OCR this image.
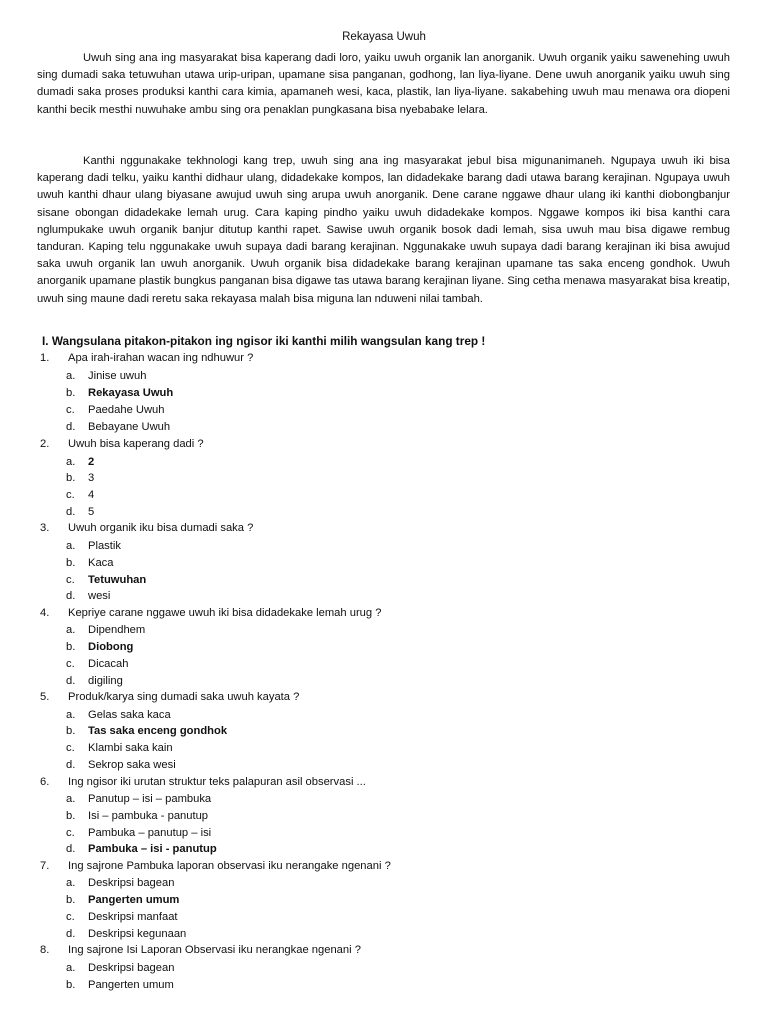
Rekayasa Uwuh

Uwuh sing ana ing masyarakat bisa kaperang dadi loro, yaiku uwuh organik lan anorganik. Uwuh organik yaiku saweneh​ing uwuh sing dumadi saka tetuwuhan utawa urip-uripan, upamane sisa panganan, godhong, lan liya-liyane. Dene uwuh anorganik yaiku uwuh sing dumadi saka proses produksi kanthi cara kimia, apamaneh wesi, kaca, plastik, lan liya-liyane. sakabehing uwuh mau menawa ora diopeni kanthi becik mesthi nuwuhake ambu sing ora penaklan pungkasana bisa nyebabake lelara.

Kanthi nggunakake tekhnologi kang trep, uwuh sing ana ing masyarakat jebul bisa migunanimaneh. Ngupaya uwuh iki bisa kaperang dadi telku, yaiku kanthi didhaur ulang, didadekake kompos, lan didadekake barang dadi utawa barang kerajinan. Ngupaya uwuh uwuh kanthi dhaur ulang biyasane awujud uwuh sing arupa uwuh anorganik. Dene carane nggawe dhaur ulang iki kanthi diobongbanjur sisane obongan didadekake lemah urug. Cara kaping pindho yaiku uwuh didadekake kompos. Nggawe kompos iki bisa kanthi cara nglumpukake uwuh organik banjur ditutup kanthi rapet. Sawise uwuh organik bosok dadi lemah, sisa uwuh mau bisa digawe rembug tanduran. Kaping telu nggunakake uwuh supaya dadi barang kerajinan. Nggunakake uwuh supaya dadi barang kerajinan iki bisa awujud saka uwuh organik lan uwuh anorganik. Uwuh organik bisa didadekake barang kerajinan upamane tas saka enceng gondhok. Uwuh anorganik upamane plastik bungkus panganan bisa digawe tas utawa barang kerajinan liyane. Sing cetha menawa masyarakat bisa kreatip, uwuh sing maune dadi reretu saka rekayasa malah bisa miguna lan nduweni nilai tambah.

I. Wangsulana pitakon-pitakon ing ngisor iki kanthi milih wangsulan kang trep !
1. Apa irah-irahan wacan ing ndhuwur ?
a. Jinise uwuh
b. Rekayasa Uwuh
c. Paedahe Uwuh
d. Bebayane Uwuh
2.Uwuh bisa kaperang dadi ?
a. 2
b. 3
c. 4
d. 5
3.Uwuh organik iku bisa dumadi saka ?
a. Plastik
b. Kaca
c. Tetuwuhan
d. wesi
4.Kepriye carane nggawe uwuh iki bisa didadekake lemah urug ?
a. Dipendhem
b. Diobong
c. Dicacah
d. digiling
5. Produk/karya sing dumadi saka uwuh kayata ?
a. Gelas saka kaca
b. Tas saka enceng gondhok
c. Klambi saka kain
d. Sekrop saka wesi
6. Ing ngisor iki urutan struktur teks palapuran asil observasi ...
a. Panutup – isi – pambuka
b. Isi – pambuka - panutup
c. Pambuka – panutup – isi
d. Pambuka – isi - panutup
7. Ing sajrone Pambuka laporan observasi iku nerangake ngenani ?
a. Deskripsi bagean
b. Pangerten umum
c. Deskripsi manfaat
d. Deskripsi kegunaan
8. Ing sajrone Isi Laporan Observasi iku nerangkae ngenani ?
a. Deskripsi bagean
b. Pangerten umum
